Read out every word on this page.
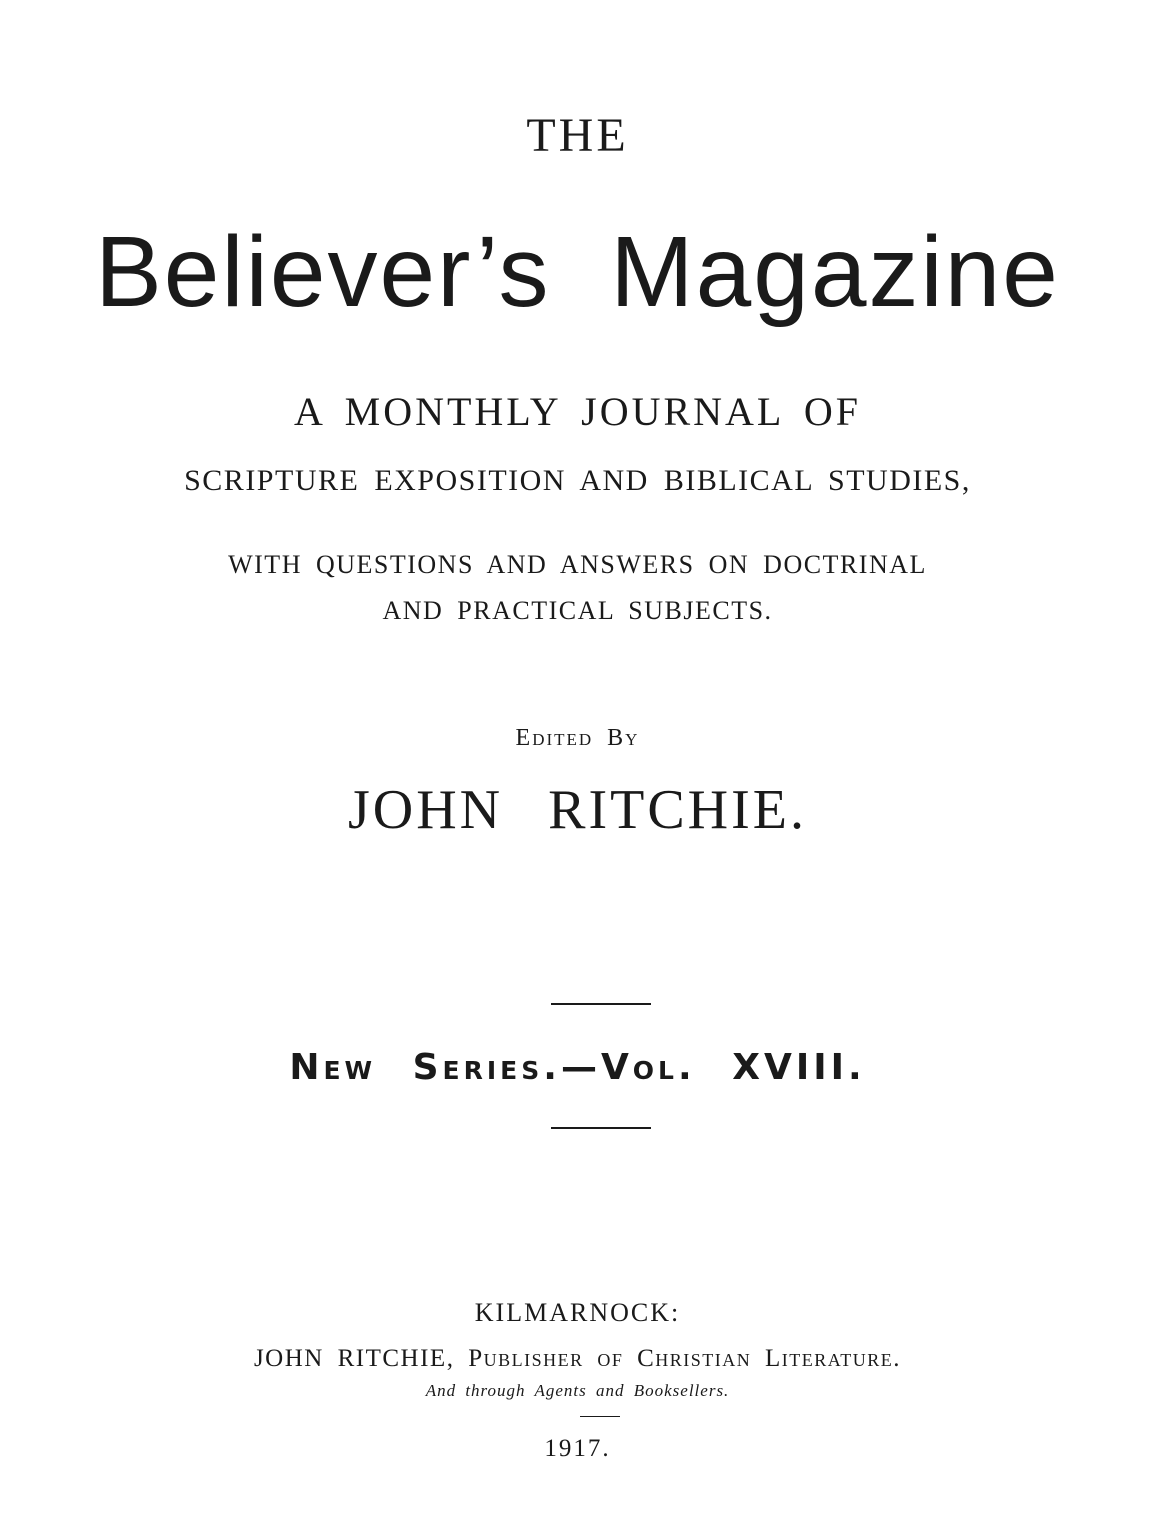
THE
Believer’s Magazine
A MONTHLY JOURNAL OF
SCRIPTURE EXPOSITION AND BIBLICAL STUDIES,
WITH QUESTIONS AND ANSWERS ON DOCTRINAL
AND PRACTICAL SUBJECTS.
Edited By
JOHN RITCHIE.
New Series.—Vol. XVIII.
KILMARNOCK:
JOHN RITCHIE, Publisher of Christian Literature.
And through Agents and Booksellers.
1917.
